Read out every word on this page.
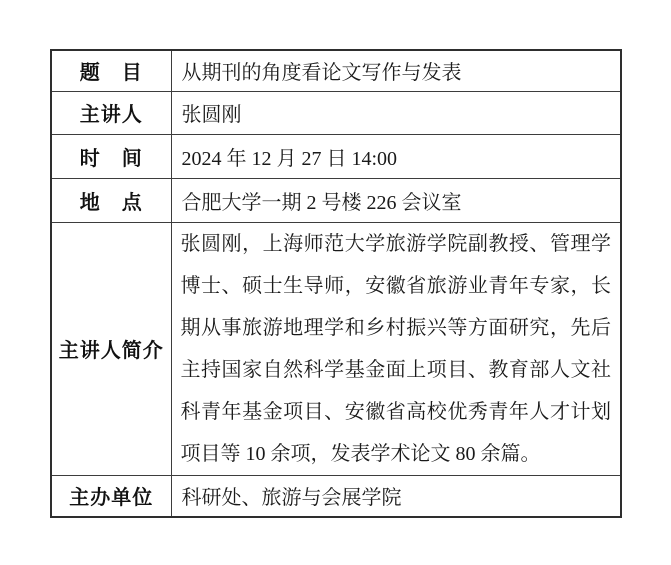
题　目	从期刊的角度看论文写作与发表
主讲人	张圆刚
时　间	2024 年 12 月 27 日 14:00
地　点	合肥大学一期 2 号楼 226 会议室
主讲人简介	张圆刚，上海师范大学旅游学院副教授、管理学博士、硕士生导师，安徽省旅游业青年专家，长期从事旅游地理学和乡村振兴等方面研究，先后主持国家自然科学基金面上项目、教育部人文社科青年基金项目、安徽省高校优秀青年人才计划项目等 10 余项，发表学术论文 80 余篇。
主办单位	科研处、旅游与会展学院
